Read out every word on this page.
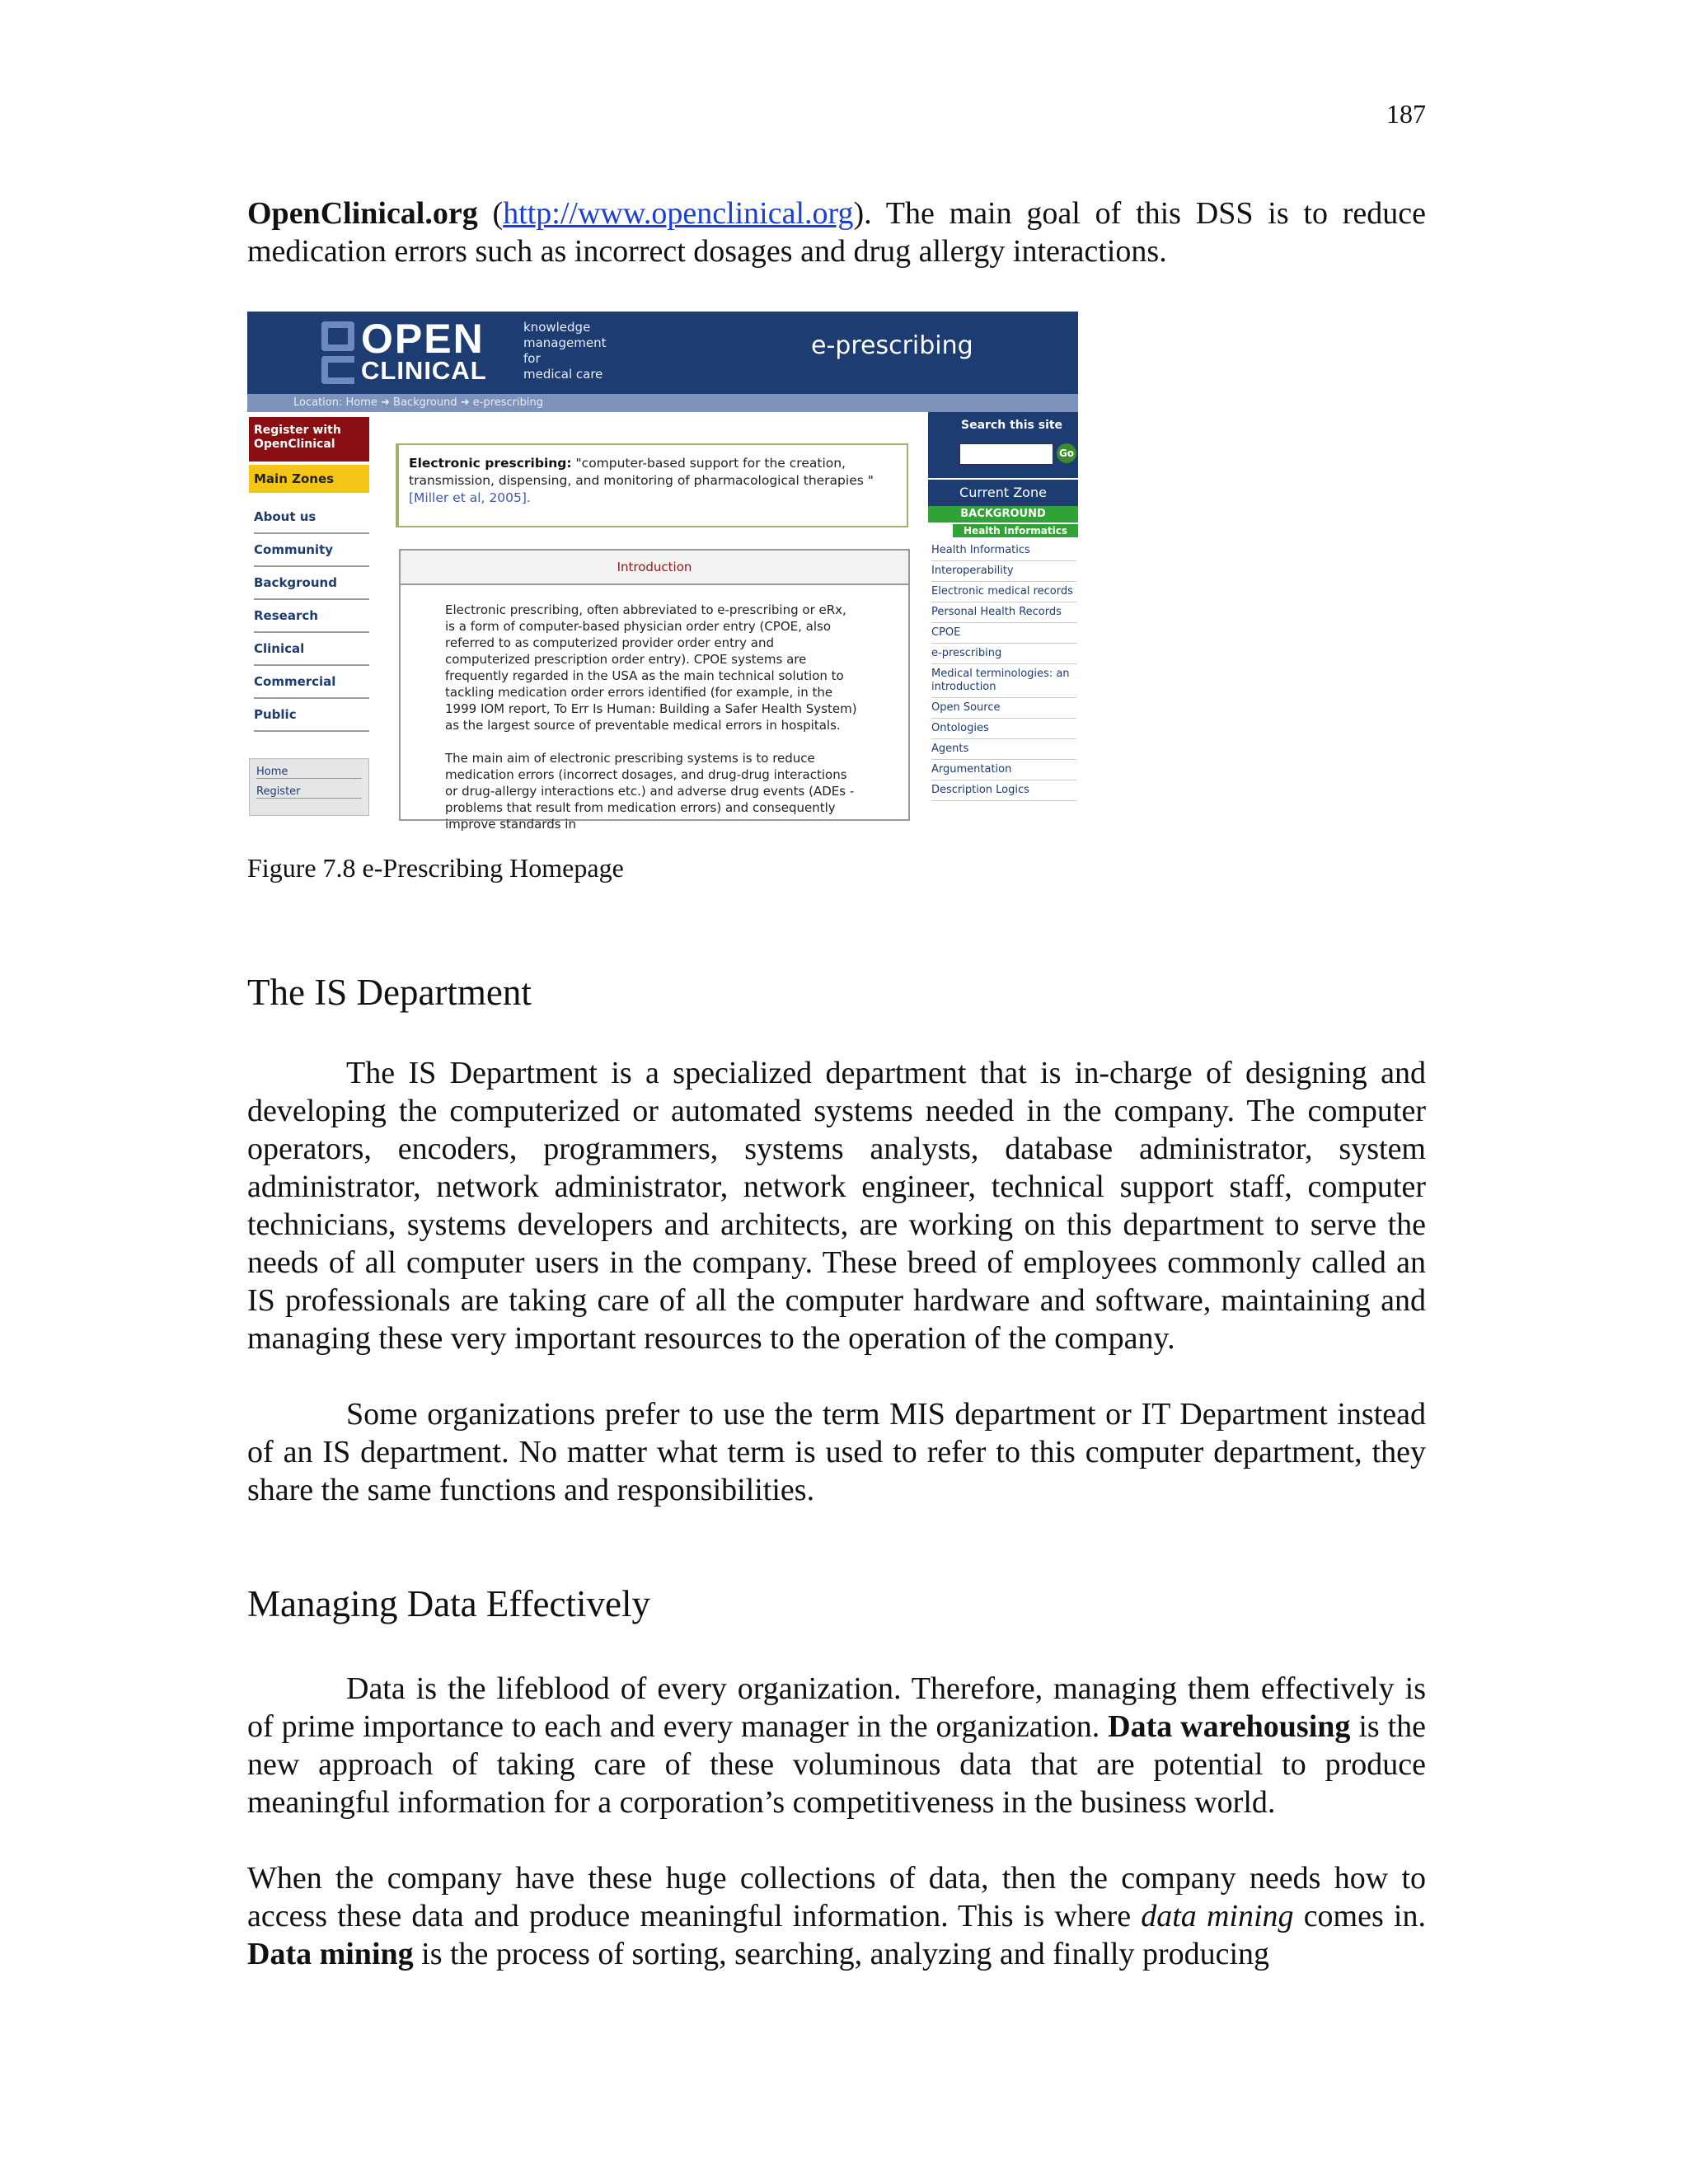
187

OpenClinical.org (http://www.openclinical.org). The main goal of this DSS is to reduce medication errors such as incorrect dosages and drug allergy interactions.

OPEN
CLINICAL
knowledge
management
for
medical care
e-prescribing
Location: Home ➜ Background ➜ e-prescribing
Register with OpenClinical
Main Zones
About us
Community
Background
Research
Clinical
Commercial
Public
Home
Register
Electronic prescribing: "computer-based support for the creation, transmission, dispensing, and monitoring of pharmacological therapies " [Miller et al, 2005].
Introduction
Electronic prescribing, often abbreviated to e-prescribing or eRx, is a form of computer-based physician order entry (CPOE, also referred to as computerized provider order entry and computerized prescription order entry). CPOE systems are frequently regarded in the USA as the main technical solution to tackling medication order errors identified (for example, in the 1999 IOM report, To Err Is Human: Building a Safer Health System) as the largest source of preventable medical errors in hospitals.
The main aim of electronic prescribing systems is to reduce medication errors (incorrect dosages, and drug-drug interactions or drug-allergy interactions etc.) and adverse drug events (ADEs - problems that result from medication errors) and consequently improve standards in
Search this site
Go
Current Zone
BACKGROUND
Health Informatics
Health Informatics
Interoperability
Electronic medical records
Personal Health Records
CPOE
e-prescribing
Medical terminologies: an introduction
Open Source
Ontologies
Agents
Argumentation
Description Logics
Figure 7.8 e-Prescribing Homepage
The IS Department

The IS Department is a specialized department that is in-charge of designing and developing the computerized or automated systems needed in the company. The computer operators, encoders, programmers, systems analysts, database administrator, system administrator, network administrator, network engineer, technical support staff, computer technicians, systems developers and architects, are working on this department to serve the needs of all computer users in the company. These breed of employees commonly called an IS professionals are taking care of all the computer hardware and software, maintaining and managing these very important resources to the operation of the company.

Some organizations prefer to use the term MIS department or IT Department instead of an IS department. No matter what term is used to refer to this computer department, they share the same functions and responsibilities.

Managing Data Effectively

Data is the lifeblood of every organization. Therefore, managing them effectively is of prime importance to each and every manager in the organization. Data warehousing is the new approach of taking care of these voluminous data that are potential to produce meaningful information for a corporation’s competitiveness in the business world.

When the company have these huge collections of data, then the company needs how to access these data and produce meaningful information. This is where data mining comes in. Data mining is the process of sorting, searching, analyzing and finally producing
